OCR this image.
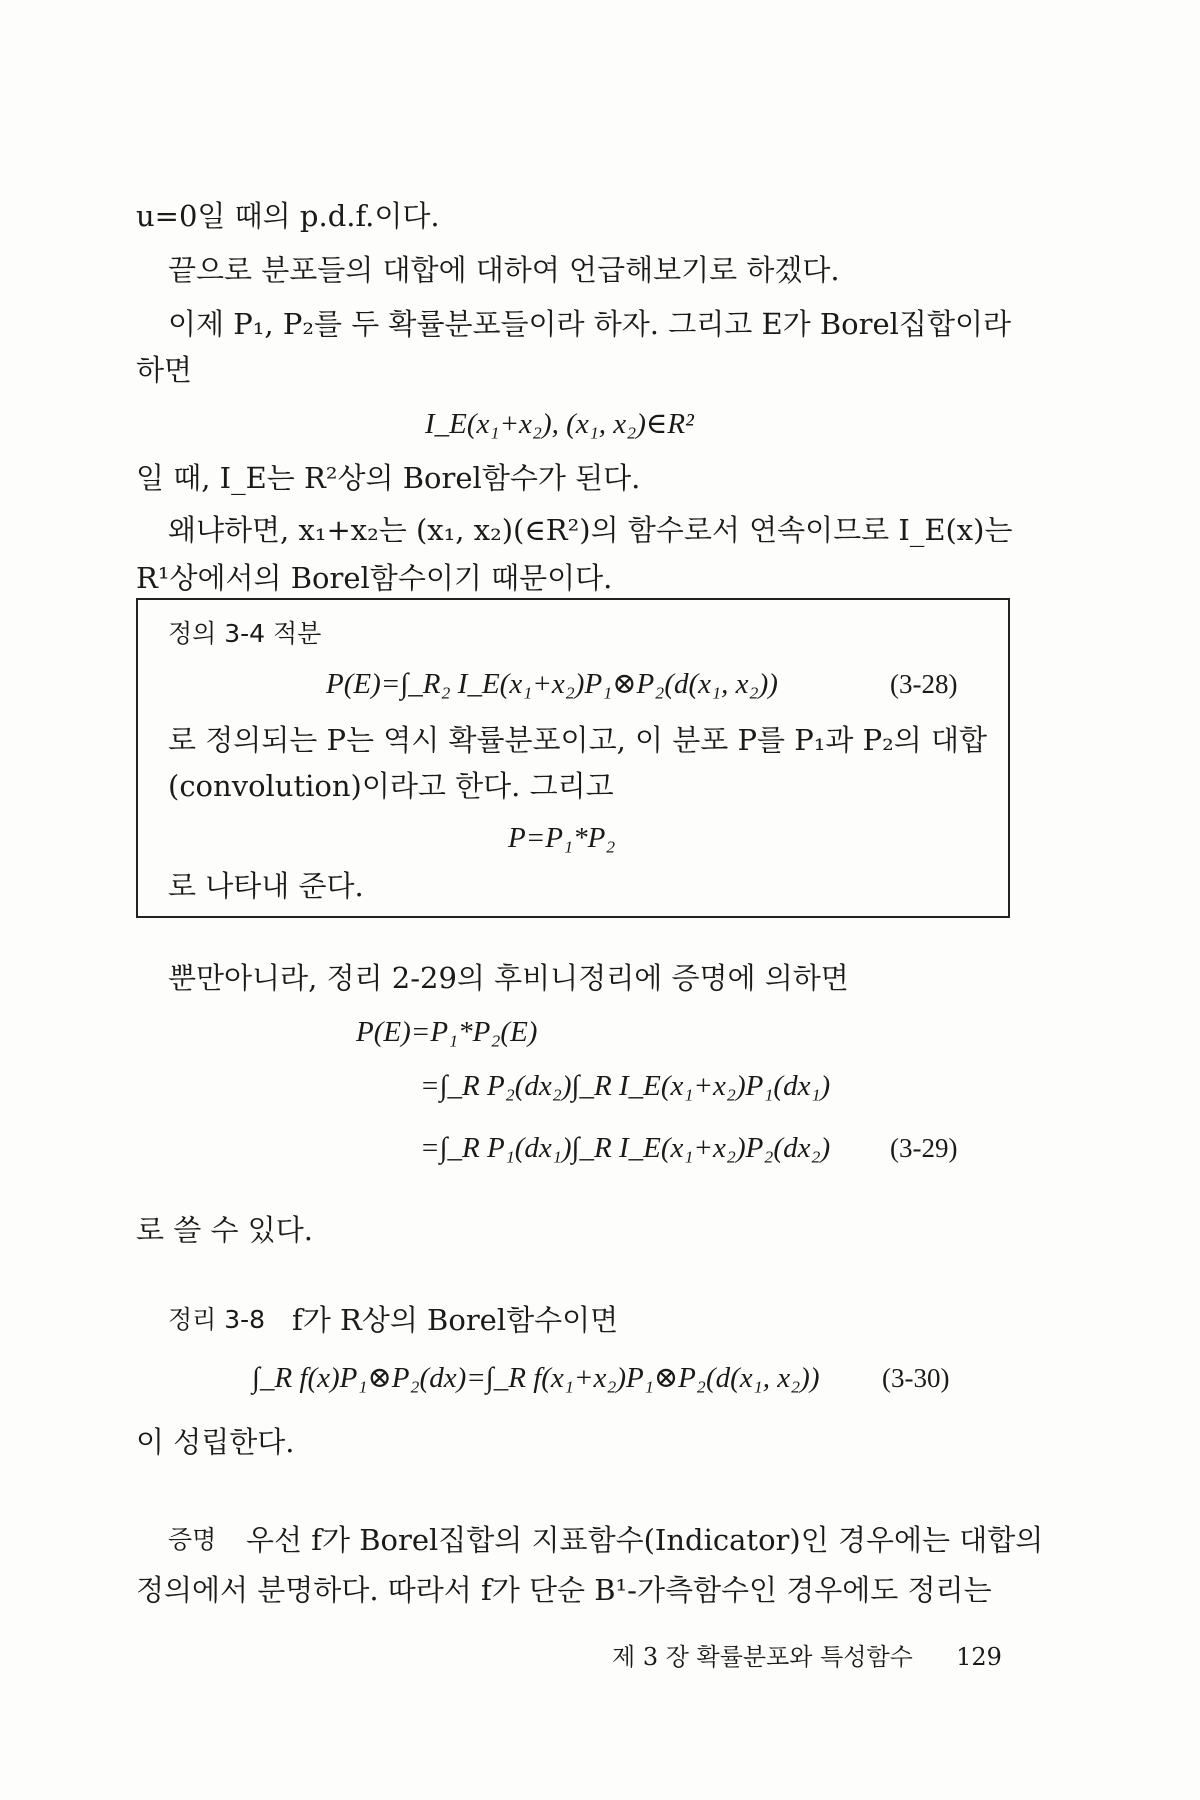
u=0일 때의 p.d.f.이다.
끝으로 분포들의 대합에 대하여 언급해보기로 하겠다.
이제 P₁, P₂를 두 확률분포들이라 하자. 그리고 E가 Borel집합이라
하면
I_E(x₁+x₂), (x₁, x₂)∈R²
일 때, I_E는 R²상의 Borel함수가 된다.
왜냐하면, x₁+x₂는 (x₁, x₂)(∈R²)의 함수로서 연속이므로 I_E(x)는
R¹상에서의 Borel함수이기 때문이다.
정의 3-4 적분
P(E)=∫_R₂ I_E(x₁+x₂)P₁⊗P₂(d(x₁, x₂))	(3-28)
로 정의되는 P는 역시 확률분포이고, 이 분포 P를 P₁과 P₂의 대합
(convolution)이라고 한다. 그리고
P=P₁*P₂
로 나타내 준다.
뿐만아니라, 정리 2-29의 후비니정리에 증명에 의하면
P(E)=P₁*P₂(E)
=∫_R P₂(dx₂)∫_R I_E(x₁+x₂)P₁(dx₁)
=∫_R P₁(dx₁)∫_R I_E(x₁+x₂)P₂(dx₂) (3-29)
로 쓸 수 있다.
정리 3-8 f가 R상의 Borel함수이면
∫_R f(x)P₁⊗P₂(dx)=∫_R f(x₁+x₂)P₁⊗P₂(d(x₁, x₂)) (3-30)
이 성립한다.
증명 우선 f가 Borel집합의 지표함수(Indicator)인 경우에는 대합의
정의에서 분명하다. 따라서 f가 단순 B¹-가측함수인 경우에도 정리는
제 3 장 확률분포와 특성함수 129
